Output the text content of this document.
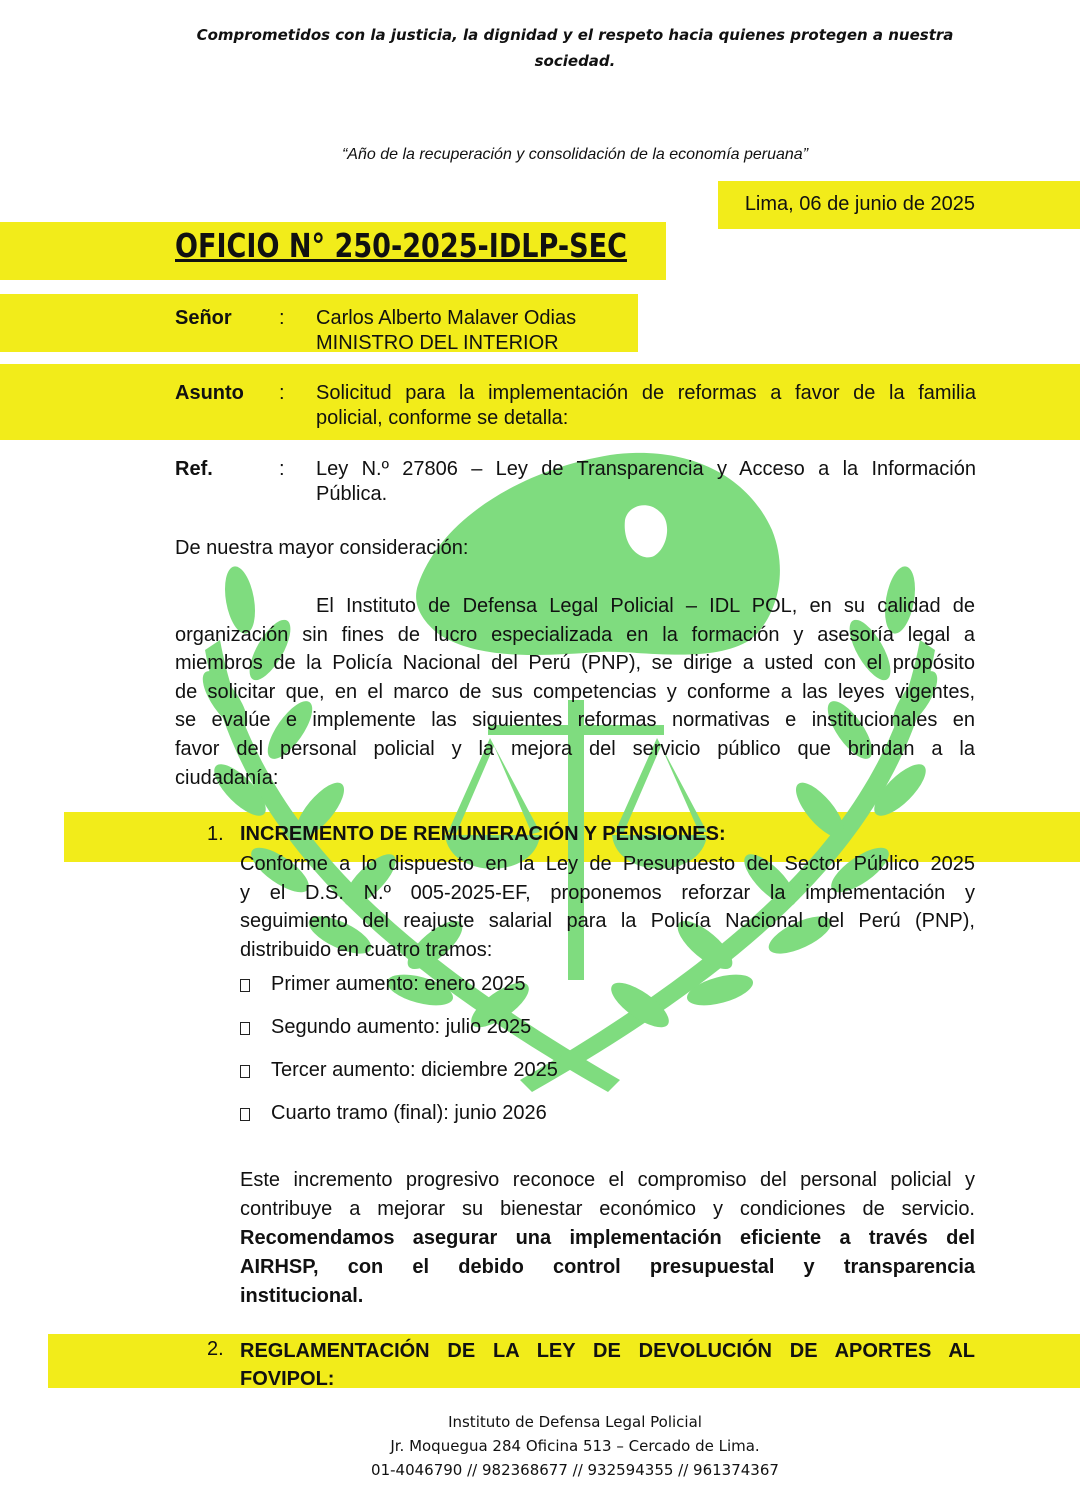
Comprometidos con la justicia, la dignidad y el respeto hacia quienes protegen a nuestra
sociedad.
“Año de la recuperación y consolidación de la economía peruana”
Lima, 06 de junio de 2025
OFICIO N° 250-2025-IDLP-SEC
Señor : Carlos Alberto Malaver Odias
MINISTRO DEL INTERIOR
Asunto : Solicitud para la implementación de reformas a favor de la familia
policial, conforme se detalla:
Ref.	: Ley N.º 27806 – Ley de Transparencia y Acceso a la Información
Pública.
De nuestra mayor consideración:
El Instituto de Defensa Legal Policial – IDL POL, en su calidad de
organización sin fines de lucro especializada en la formación y asesoría legal a
miembros de la Policía Nacional del Perú (PNP), se dirige a usted con el propósito
de solicitar que, en el marco de sus competencias y conforme a las leyes vigentes,
se evalúe e implemente las siguientes reformas normativas e institucionales en
favor del personal policial y la mejora del servicio público que brindan a la
ciudadanía:
1. INCREMENTO DE REMUNERACIÓN Y PENSIONES:
Conforme a lo dispuesto en la Ley de Presupuesto del Sector Público 2025
y el D.S. N.º 005-2025-EF, proponemos reforzar la implementación y
seguimiento del reajuste salarial para la Policía Nacional del Perú (PNP),
distribuido en cuatro tramos:
Primer aumento: enero 2025
Segundo aumento: julio 2025
Tercer aumento: diciembre 2025
Cuarto tramo (final): junio 2026
Este incremento progresivo reconoce el compromiso del personal policial y
contribuye a mejorar su bienestar económico y condiciones de servicio.
Recomendamos asegurar una implementación eficiente a través del
AIRHSP, con el debido control presupuestal y transparencia
institucional.
2. REGLAMENTACIÓN DE LA LEY DE DEVOLUCIÓN DE APORTES AL
FOVIPOL:
Instituto de Defensa Legal Policial
Jr. Moquegua 284 Oficina 513 – Cercado de Lima.
01-4046790 // 982368677 // 932594355 // 961374367
